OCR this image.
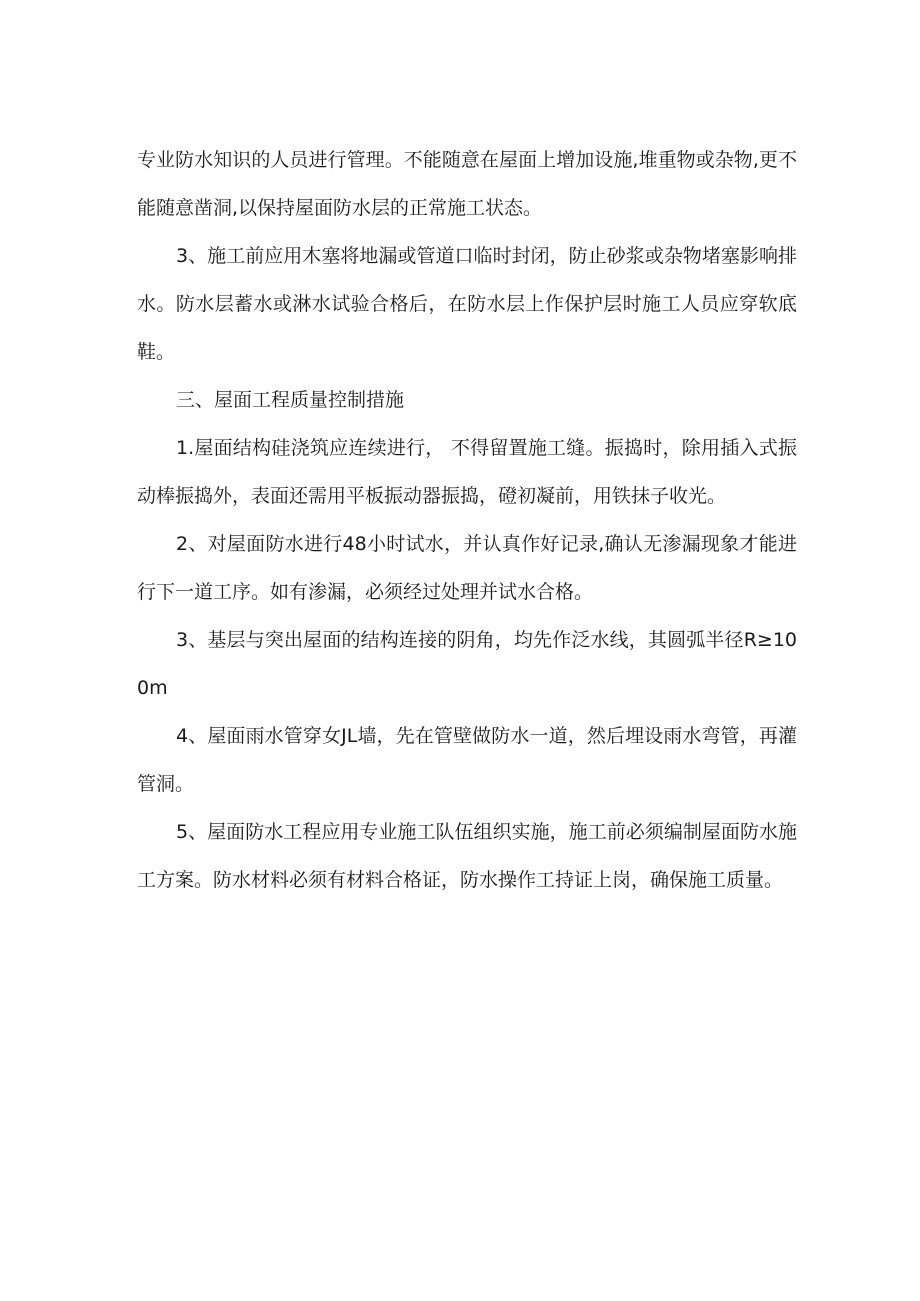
专业防水知识的人员进行管理。不能随意在屋面上增加设施,堆重物或杂物,更不能随意凿洞,以保持屋面防水层的正常施工状态。

3、施工前应用木塞将地漏或管道口临时封闭，防止砂浆或杂物堵塞影响排水。防水层蓄水或淋水试验合格后，在防水层上作保护层时施工人员应穿软底鞋。

三、屋面工程质量控制措施

1.屋面结构硅浇筑应连续进行， 不得留置施工缝。振捣时，除用插入式振动棒振捣外，表面还需用平板振动器振捣，磴初凝前，用铁抹子收光。

2、对屋面防水进行48小时试水，并认真作好记录,确认无渗漏现象才能进行下一道工序。如有渗漏，必须经过处理并试水合格。

3、基层与突出屋面的结构连接的阴角，均先作泛水线，其圆弧半径R≥100m

4、屋面雨水管穿女JL墙，先在管壁做防水一道，然后埋设雨水弯管，再灌管洞。

5、屋面防水工程应用专业施工队伍组织实施，施工前必须编制屋面防水施工方案。防水材料必须有材料合格证，防水操作工持证上岗，确保施工质量。
